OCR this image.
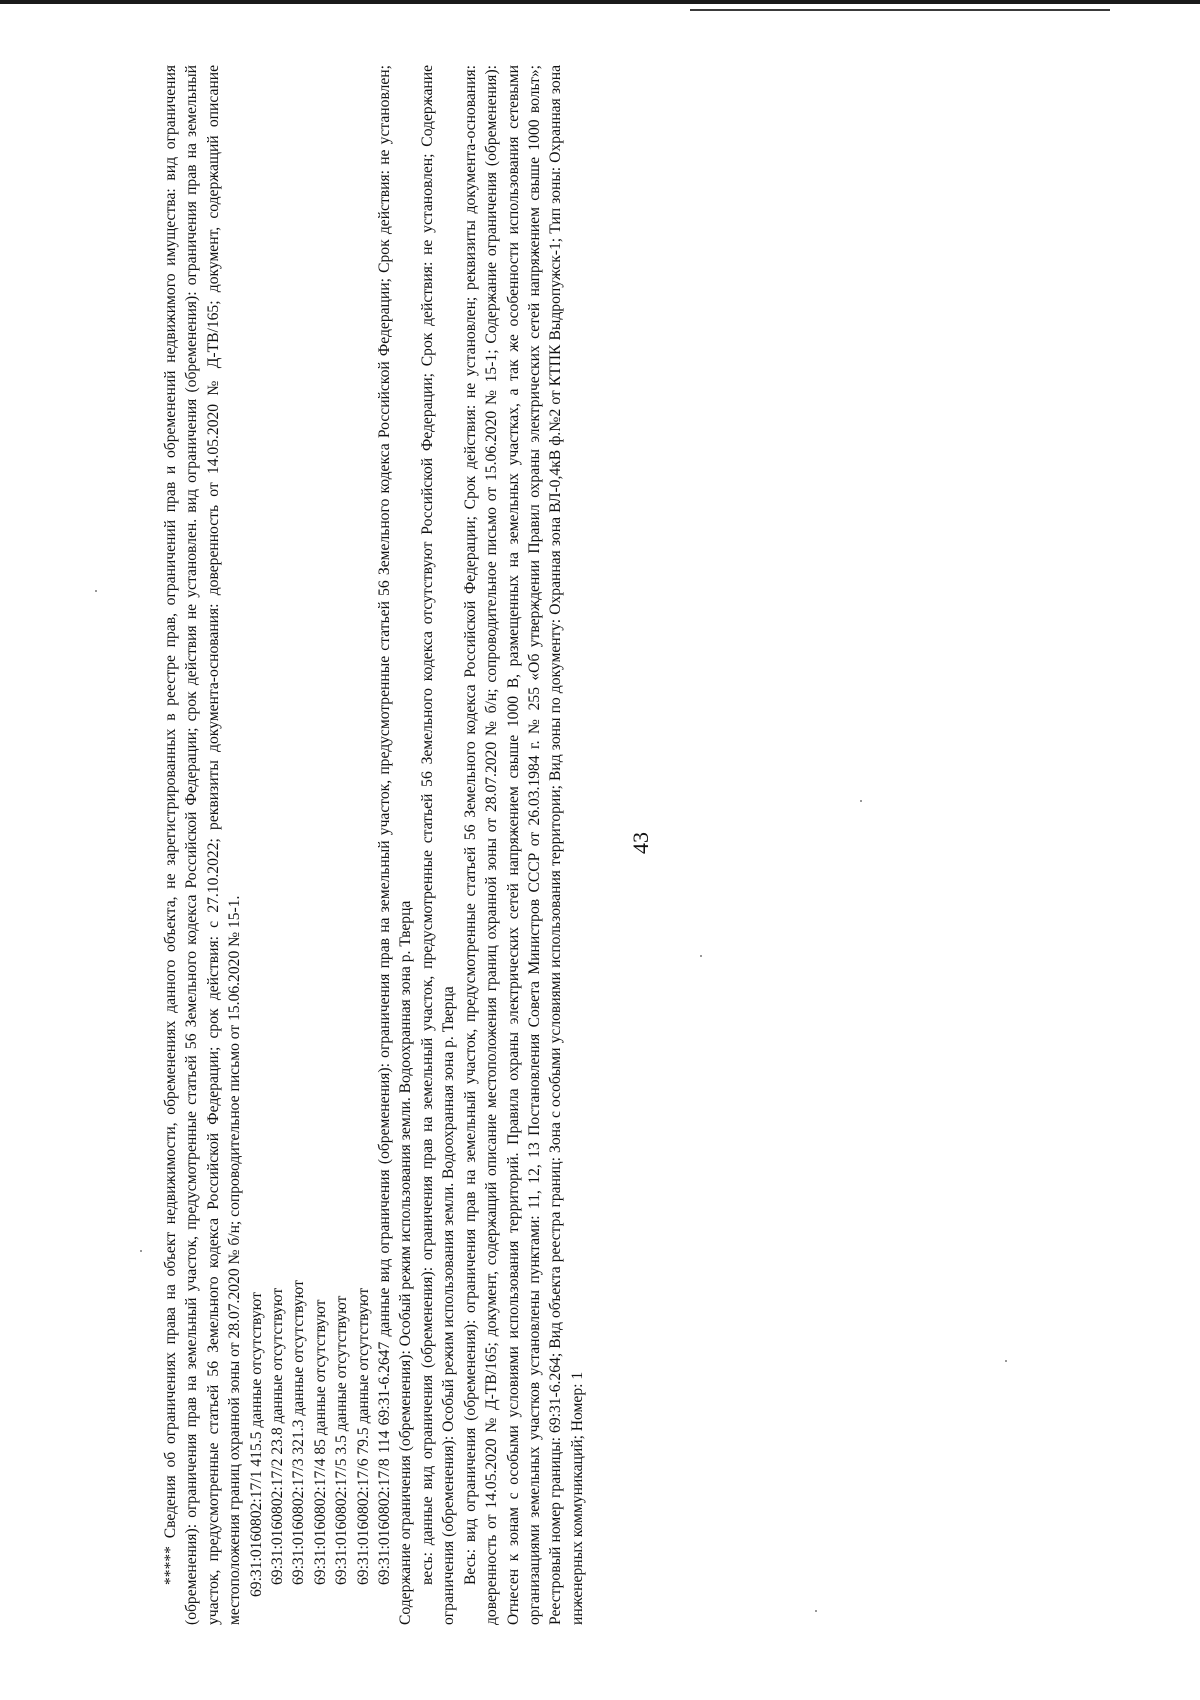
43

***** Сведения об ограничениях права на объект недвижимости, обременениях данного объекта, не зарегистрированных в реестре прав, ограничений прав и обременений недвижимого имущества: вид ограничения (обременения): ограничения прав на земельный участок, предусмотренные статьей 56 Земельного кодекса Российской Федерации; срок действия не установлен. вид ограничения (обременения): ограничения прав на земельный участок, предусмотренные статьей 56 Земельного кодекса Российской Федерации; срок действия: с 27.10.2022; реквизиты документа-основания: доверенность от 14.05.2020 № Д-ТВ/165; документ, содержащий описание местоположения границ охранной зоны от 28.07.2020 № б/н; сопроводительное письмо от 15.06.2020 № 15-1. 69:31:0160802:17/1 415.5 данные отсутствуют 69:31:0160802:17/2 23.8 данные отсутствуют 69:31:0160802:17/3 321.3 данные отсутствуют 69:31:0160802:17/4 85 данные отсутствуют 69:31:0160802:17/5 3.5 данные отсутствуют 69:31:0160802:17/6 79.5 данные отсутствуют 69:31:0160802:17/8 114 69:31-6.2647 данные вид ограничения (обременения): ограничения прав на земельный участок, предусмотренные статьей 56 Земельного кодекса Российской Федерации; Срок действия: не установлен; Содержание ограничения (обременения): Особый режим использования земли. Водоохранная зона р. Тверца весь: данные вид ограничения (обременения): ограничения прав на земельный участок, предусмотренные статьей 56 Земельного кодекса отсутствуют Российской Федерации; Срок действия: не установлен; Содержание ограничения (обременения): Особый режим использования земли. Водоохранная зона р. Тверца Весь: вид ограничения (обременения): ограничения прав на земельный участок, предусмотренные статьей 56 Земельного кодекса Российской Федерации; Срок действия: не установлен; реквизиты документа-основания: доверенность от 14.05.2020 № Д-ТВ/165; документ, содержащий описание местоположения границ охранной зоны от 28.07.2020 № б/н; сопроводительное письмо от 15.06.2020 № 15-1; Содержание ограничения (обременения): Отнесен к зонам с особыми условиями использования территорий. Правила охраны электрических сетей напряжением свыше 1000 В, размещенных на земельных участках, а так же особенности использования сетевыми организациями земельных участков установлены пунктами: 11, 12, 13 Постановления Совета Министров СССР от 26.03.1984 г. № 255 «Об утверждении Правил охраны электрических сетей напряжением свыше 1000 вольт»; Реестровый номер границы: 69:31-6.264; Вид объекта реестра границ: Зона с особыми условиями использования территории; Вид зоны по документу: Охранная зона ВЛ-0,4кВ ф.№2 от КТПК Выдропужск-1; Тип зоны: Охранная зона инженерных коммуникаций; Номер: 1
